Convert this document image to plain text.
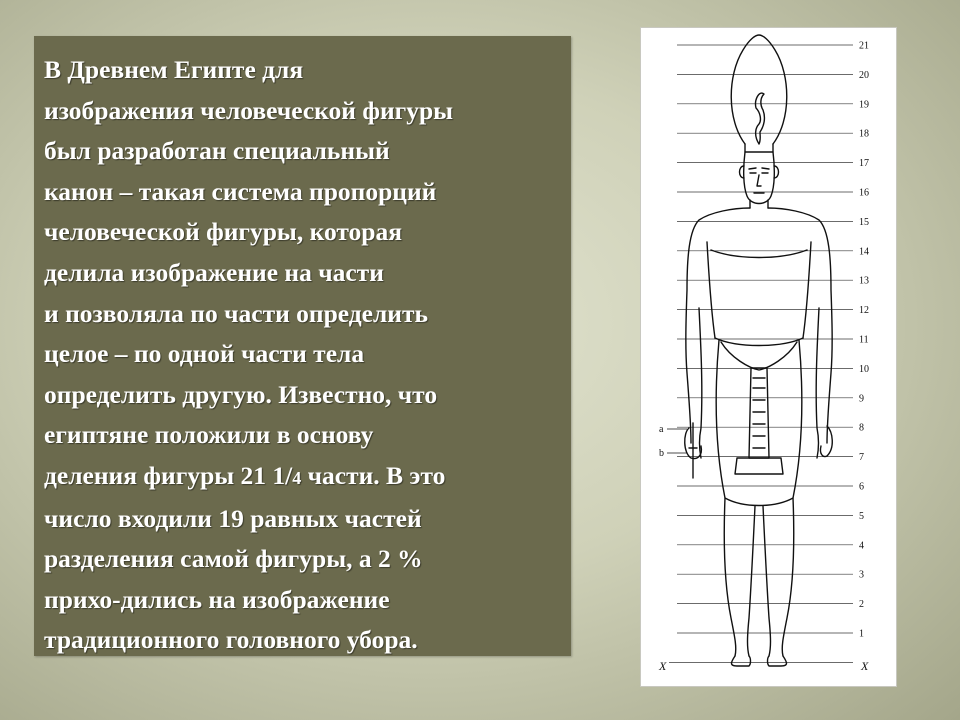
В Древнем Египте для
изображения человеческой фигуры
был разработан специальный
канон – такая система пропорций
человеческой фигуры, которая
делила изображение на части
и позволяла по части определить
целое – по одной части тела
определить другую. Известно, что
египтяне положили в основу
деления фигуры 21 1/4 части. В это
число входили 19 равных частей
разделения самой фигуры, а 2 %
прихо-дились на изображение
традиционного головного убора.
21
20
19
18
17
16
15
14
13
12
11
10
9
8
7
6
5
4
3
2
1
a
b
X	X
